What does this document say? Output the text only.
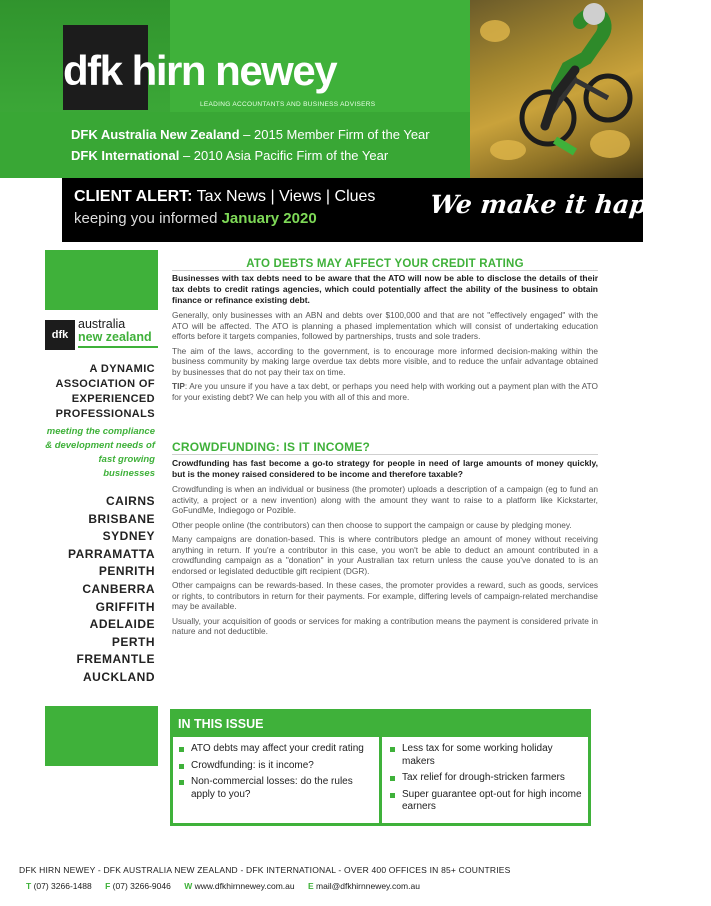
dfk hirn newey
LEADING ACCOUNTANTS AND BUSINESS ADVISERS
DFK Australia New Zealand – 2015 Member Firm of the Year
DFK International – 2010 Asia Pacific Firm of the Year
CLIENT ALERT: Tax News | Views | Clues
keeping you informed January 2020	We make it happen!
dfk
australia
new zealand
A DYNAMIC ASSOCIATION OF EXPERIENCED PROFESSIONALS
meeting the compliance & development needs of fast growing businesses
CAIRNS
BRISBANE
SYDNEY
PARRAMATTA
PENRITH
CANBERRA
GRIFFITH
ADELAIDE
PERTH
FREMANTLE
AUCKLAND
ATO DEBTS MAY AFFECT YOUR CREDIT RATING

Businesses with tax debts need to be aware that the ATO will now be able to disclose the details of their tax debts to credit ratings agencies, which could potentially affect the ability of the business to obtain finance or refinance existing debt.

Generally, only businesses with an ABN and debts over $100,000 and that are not "effectively engaged" with the ATO will be affected. The ATO is planning a phased implementation which will consist of undertaking education efforts before it targets companies, followed by partnerships, trusts and sole traders.

The aim of the laws, according to the government, is to encourage more informed decision-making within the business community by making large overdue tax debts more visible, and to reduce the unfair advantage obtained by businesses that do not pay their tax on time.

TIP: Are you unsure if you have a tax debt, or perhaps you need help with working out a payment plan with the ATO for your existing debt? We can help you with all of this and more.

CROWDFUNDING: IS IT INCOME?

Crowdfunding has fast become a go-to strategy for people in need of large amounts of money quickly, but is the money raised considered to be income and therefore taxable?

Crowdfunding is when an individual or business (the promoter) uploads a description of a campaign (eg to fund an activity, a project or a new invention) along with the amount they want to raise to a platform like Kickstarter, GoFundMe, Indiegogo or Pozible.

Other people online (the contributors) can then choose to support the campaign or cause by pledging money.

Many campaigns are donation-based. This is where contributors pledge an amount of money without receiving anything in return. If you're a contributor in this case, you won't be able to deduct an amount contributed in a crowdfunding campaign as a "donation" in your Australian tax return unless the cause you've donated to is an endorsed or legislated deductible gift recipient (DGR).

Other campaigns can be rewards-based. In these cases, the promoter provides a reward, such as goods, services or rights, to contributors in return for their payments. For example, differing levels of campaign-related merchandise may be available.

Usually, your acquisition of goods or services for making a contribution means the payment is considered private in nature and not deductible.

IN THIS ISSUE
ATO debts may affect your credit rating
Crowdfunding: is it income?
Non-commercial losses: do the rules apply to you?
Less tax for some working holiday makers
Tax relief for drough-stricken farmers
Super guarantee opt-out for high income earners
DFK HIRN NEWEY - DFK AUSTRALIA NEW ZEALAND - DFK INTERNATIONAL - OVER 400 OFFICES IN 85+ COUNTRIES
T (07) 3266-1488 F (07) 3266-9046 W www.dfkhirnnewey.com.au E mail@dfkhirnnewey.com.au
